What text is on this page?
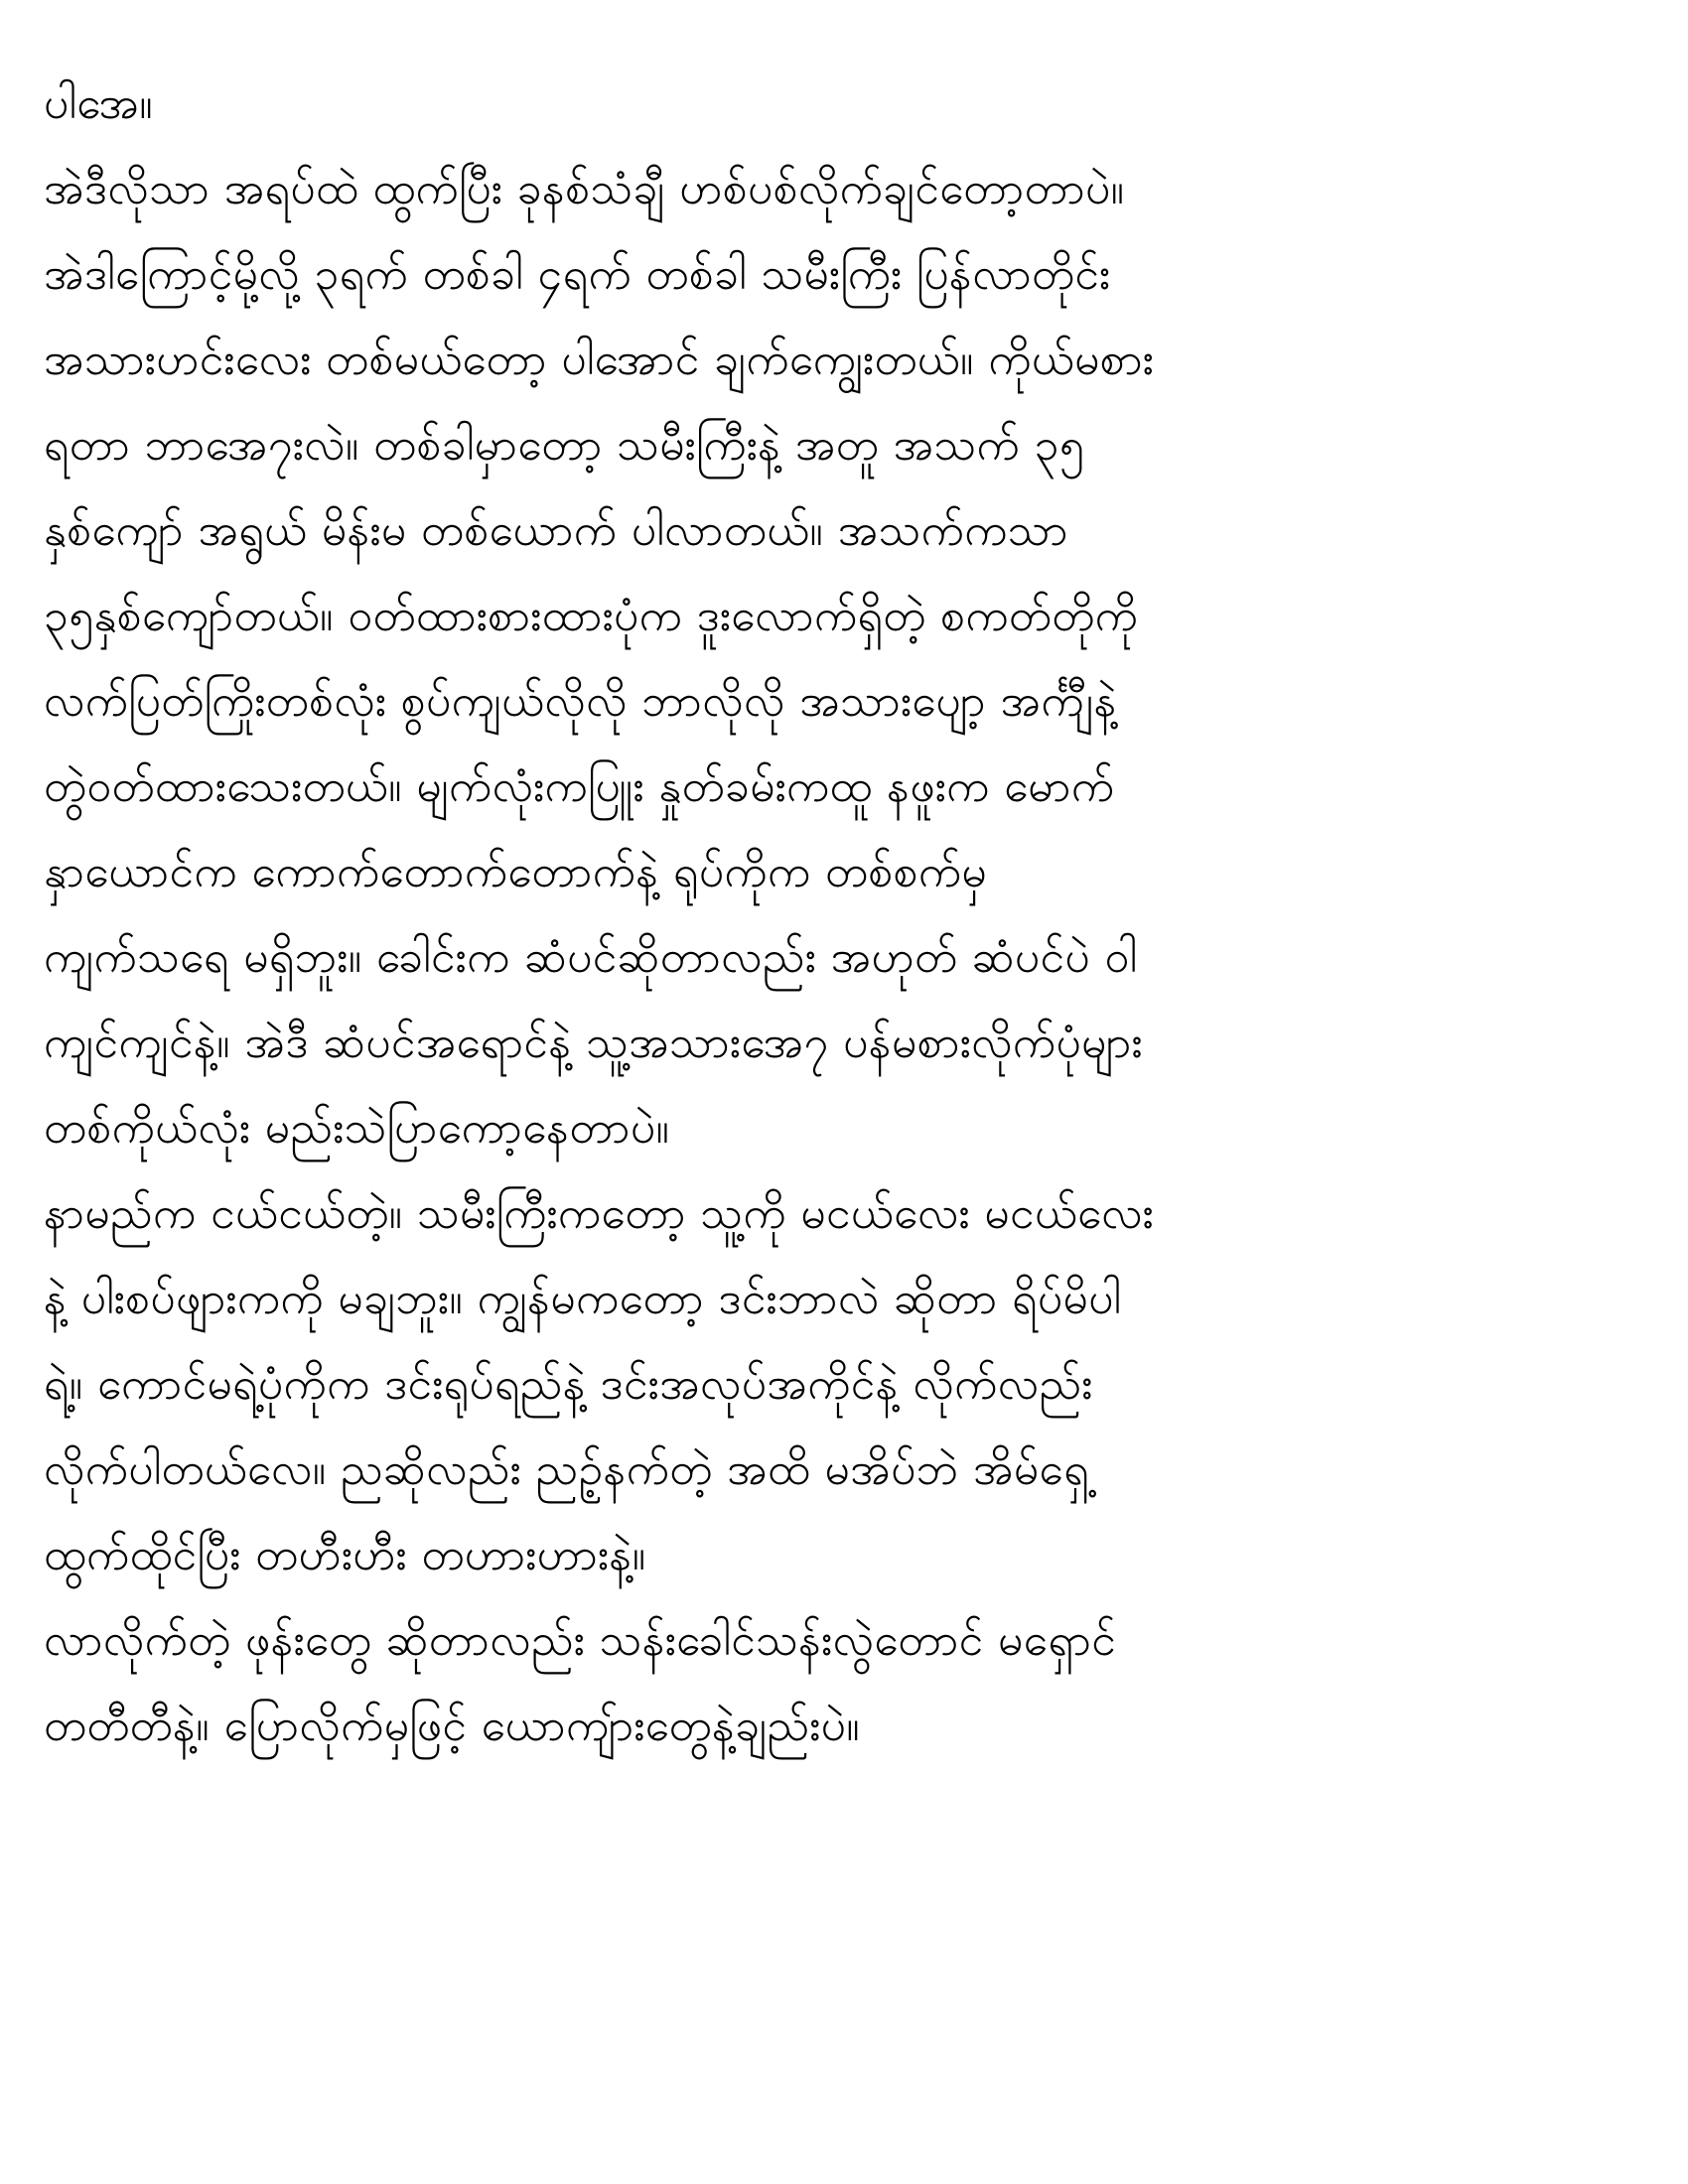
ပါအေ။
အဲဒီလိုသာ အရပ်ထဲ ထွက်ပြီး ခုနစ်သံချီ ဟစ်ပစ်လိုက်ချင်တော့တာပဲ။
အဲဒါကြောင့်မို့လို့ ၃ရက် တစ်ခါ ၄ရက် တစ်ခါ သမီးကြီး ပြန်လာတိုင်း
အသားဟင်းလေး တစ်မယ်တော့ ပါအောင် ချက်ကျွေးတယ်။ ကိုယ်မစား
ရတာ ဘာအေ၇းလဲ။ တစ်ခါမှာတော့ သမီးကြီးနဲ့ အတူ အသက် ၃၅
နှစ်ကျော် အရွယ် မိန်းမ တစ်ယောက် ပါလာတယ်။ အသက်ကသာ
၃၅နှစ်ကျော်တယ်။ ဝတ်ထားစားထားပုံက ဒူးလောက်ရှိတဲ့ စကတ်တိုကို
လက်ပြတ်ကြိုးတစ်လုံး စွပ်ကျယ်လိုလို ဘာလိုလို အသားပျော့ အင်္ကျီနဲ့
တွဲဝတ်ထားသေးတယ်။ မျက်လုံးကပြူး နှုတ်ခမ်းကထူ နဖူးက မောက်
နှာယောင်က ကောက်တောက်တောက်နဲ့ ရုပ်ကိုက တစ်စက်မှ
ကျက်သရေ မရှိဘူး။ ခေါင်းက ဆံပင်ဆိုတာလည်း အဟုတ် ဆံပင်ပဲ ဝါ
ကျင်ကျင်နဲ့။ အဲဒီ ဆံပင်အရောင်နဲ့ သူ့အသားအေ၇ ပန်မစားလိုက်ပုံများ
တစ်ကိုယ်လုံး မည်းသဲပြာကော့နေတာပဲ။
နာမည်က ငယ်ငယ်တဲ့။ သမီးကြီးကတော့ သူ့ကို မငယ်လေး မငယ်လေး
နဲ့ ပါးစပ်ဖျားကကို မချဘူး။ ကျွန်မကတော့ ဒင်းဘာလဲ ဆိုတာ ရိပ်မိပါ
ရဲ့။ ကောင်မရဲ့ပုံကိုက ဒင်းရုပ်ရည်နဲ့ ဒင်းအလုပ်အကိုင်နဲ့ လိုက်လည်း
လိုက်ပါတယ်လေ။ ညဆိုလည်း ညဉ့်နက်တဲ့ အထိ မအိပ်ဘဲ အိမ်ရှေ့
ထွက်ထိုင်ပြီး တဟီးဟီး တဟားဟားနဲ့။
လာလိုက်တဲ့ ဖုန်းတွေ ဆိုတာလည်း သန်းခေါင်သန်းလွဲတောင် မရှောင်
တတီတီနဲ့။ ပြောလိုက်မှဖြင့် ယောကျ်ားတွေနဲ့ချည်းပဲ။
